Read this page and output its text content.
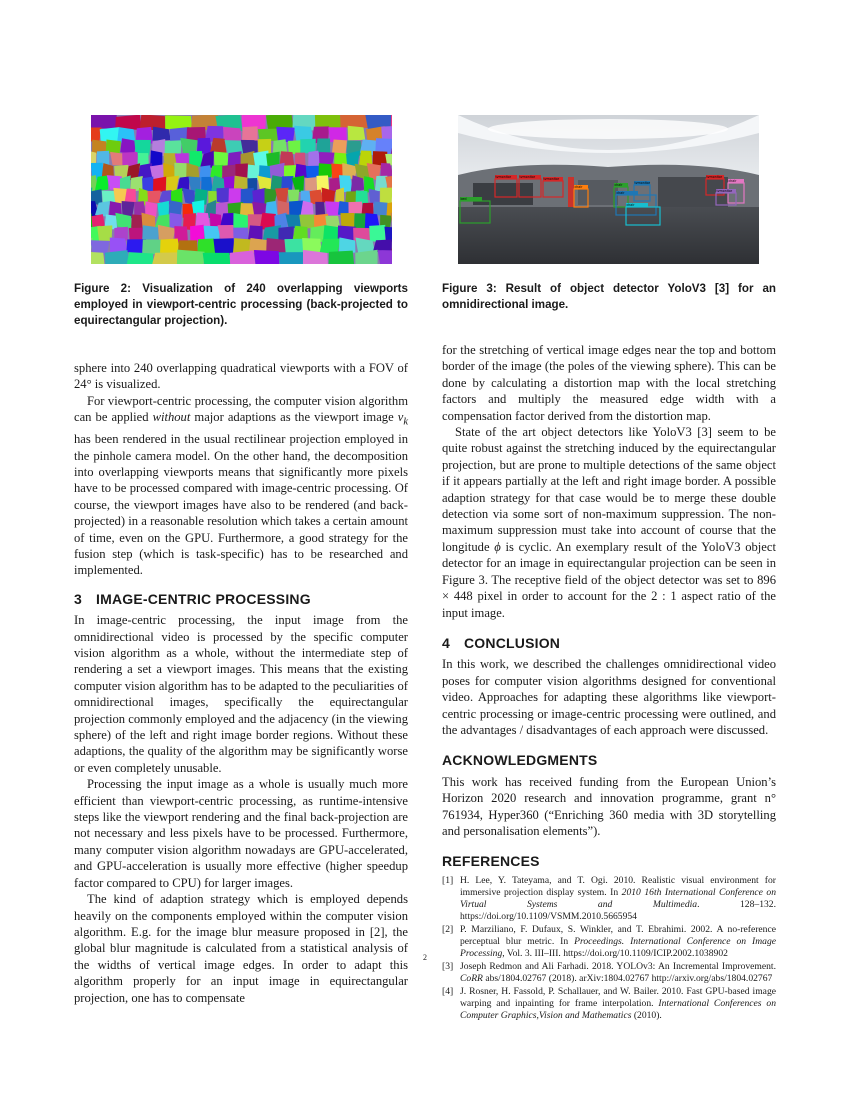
tvmonitor	tvmonitor	tvmonitor
chair	chair	tvmonitor
chair
chair
bed
tvmonitor
chair
tvmonitor
Figure 2: Visualization of 240 overlapping viewports employed in viewport-centric processing (back-projected to equirectangular projection).
Figure 3: Result of object detector YoloV3 [3] for an omnidirectional image.

sphere into 240 overlapping quadratical viewports with a FOV of 24° is visualized.

For viewport-centric processing, the computer vision algorithm can be applied without major adaptions as the viewport image $v_k$ has been rendered in the usual rectilinear projection employed in the pinhole camera model. On the other hand, the decomposition into overlapping viewports means that significantly more pixels have to be processed compared with image-centric processing. Of course, the viewport images have also to be rendered (and back-projected) in a reasonable resolution which takes a certain amount of time, even on the GPU. Furthermore, a good strategy for the fusion step (which is task-specific) has to be researched and implemented.

3 IMAGE-CENTRIC PROCESSING

In image-centric processing, the input image from the omnidirectional video is processed by the specific computer vision algorithm as a whole, without the intermediate step of rendering a set a viewport images. This means that the existing computer vision algorithm has to be adapted to the peculiarities of omnidirectional images, specifically the equirectangular projection commonly employed and the adjacency (in the viewing sphere) of the left and right image border regions. Without these adaptions, the quality of the algorithm may be significantly worse or even completely unusable.

Processing the input image as a whole is usually much more efficient than viewport-centric processing, as runtime-intensive steps like the viewport rendering and the final back-projection are not necessary and less pixels have to be processed. Furthermore, many computer vision algorithm nowadays are GPU-accelerated, and GPU-acceleration is usually more effective (higher speedup factor compared to CPU) for larger images.

The kind of adaption strategy which is employed depends heavily on the components employed within the computer vision algorithm. E.g. for the image blur measure proposed in [2], the global blur magnitude is calculated from a statistical analysis of the widths of vertical image edges. In order to adapt this algorithm properly for an input image in equirectangular projection, one has to compensate

for the stretching of vertical image edges near the top and bottom border of the image (the poles of the viewing sphere). This can be done by calculating a distortion map with the local stretching factors and multiply the measured edge width with a compensation factor derived from the distortion map.

State of the art object detectors like YoloV3 [3] seem to be quite robust against the stretching induced by the equirectangular projection, but are prone to multiple detections of the same object if it appears partially at the left and right image border. A possible adaption strategy for that case would be to merge these double detection via some sort of non-maximum suppression. The non-maximum suppression must take into account of course that the longitude ϕ is cyclic. An exemplary result of the YoloV3 object detector for an image in equirectangular projection can be seen in Figure 3. The receptive field of the object detector was set to 896 × 448 pixel in order to account for the 2 : 1 aspect ratio of the input image.

4 CONCLUSION

In this work, we described the challenges omnidirectional video poses for computer vision algorithms designed for conventional video. Approaches for adapting these algorithms like viewport-centric processing or image-centric processing were outlined, and the advantages / disadvantages of each approach were discussed.

ACKNOWLEDGMENTS

This work has received funding from the European Union’s Horizon 2020 research and innovation programme, grant n° 761934, Hyper360 (“Enriching 360 media with 3D storytelling and personalisation elements”).

REFERENCES
[1] H. Lee, Y. Tateyama, and T. Ogi. 2010. Realistic visual environment for immersive projection display system. In 2010 16th International Conference on Virtual Systems and Multimedia. 128–132. https://doi.org/10.1109/VSMM.2010.5665954
[2] P. Marziliano, F. Dufaux, S. Winkler, and T. Ebrahimi. 2002. A no-reference perceptual blur metric. In Proceedings. International Conference on Image Processing, Vol. 3. III–III. https://doi.org/10.1109/ICIP.2002.1038902
[3] Joseph Redmon and Ali Farhadi. 2018. YOLOv3: An Incremental Improvement. CoRR abs/1804.02767 (2018). arXiv:1804.02767 http://arxiv.org/abs/1804.02767
[4] J. Rosner, H. Fassold, P. Schallauer, and W. Bailer. 2010. Fast GPU-based image warping and inpainting for frame interpolation. International Conferences on Computer Graphics,Vision and Mathematics (2010).
2
